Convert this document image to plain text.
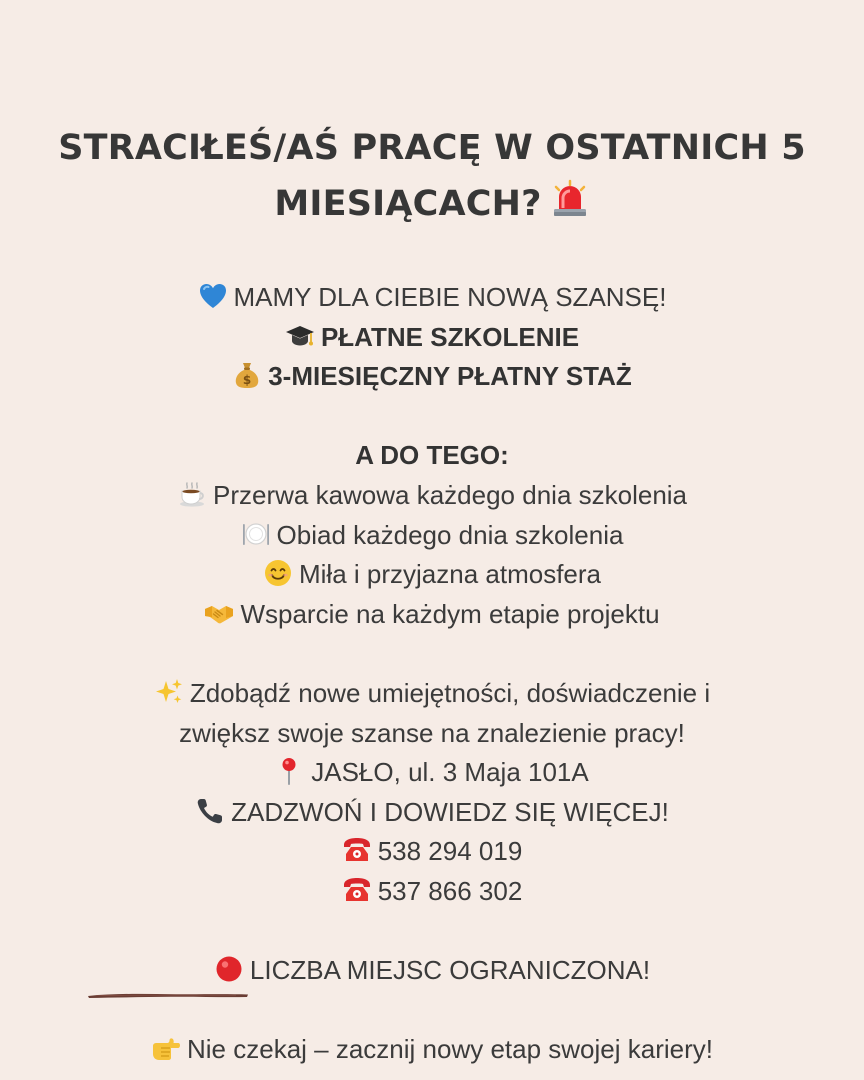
STRACIŁEŚ/AŚ PRACĘ W OSTATNICH 5
MIESIĄCACH?
MAMY DLA CIEBIE NOWĄ SZANSĘ!
PŁATNE SZKOLENIE
$ 3-MIESIĘCZNY PŁATNY STAŻ
A DO TEGO:
Przerwa kawowa każdego dnia szkolenia
Obiad każdego dnia szkolenia
Miła i przyjazna atmosfera
Wsparcie na każdym etapie projektu
Zdobądź nowe umiejętności, doświadczenie i
zwiększ swoje szanse na znalezienie pracy!
JASŁO, ul. 3 Maja 101A
ZADZWOŃ I DOWIEDZ SIĘ WIĘCEJ!
538 294 019
537 866 302
LICZBA MIEJSC OGRANICZONA!
Nie czekaj – zacznij nowy etap swojej kariery!
